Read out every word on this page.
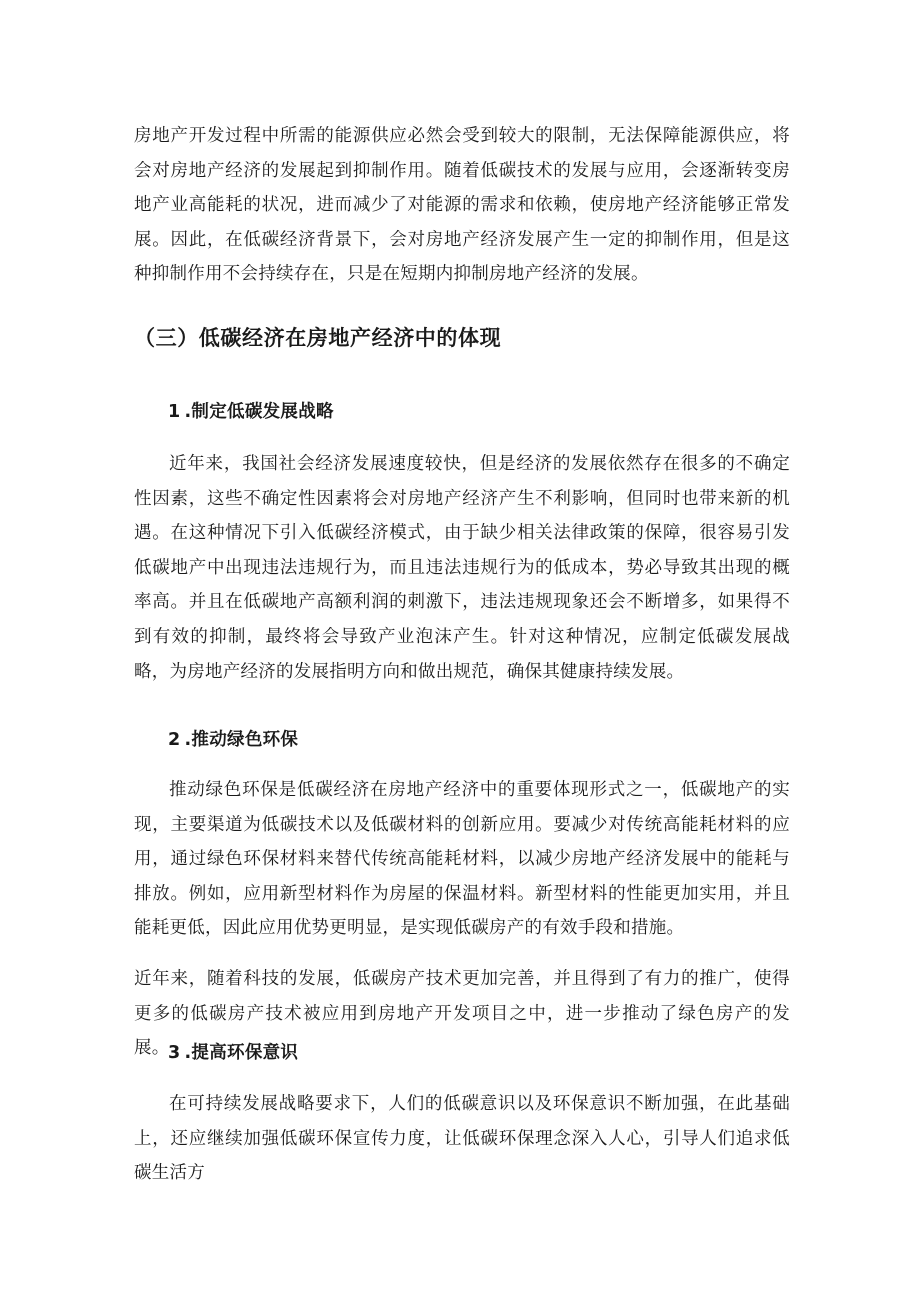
房地产开发过程中所需的能源供应必然会受到较大的限制，无法保障能源供应，将会对房地产经济的发展起到抑制作用。随着低碳技术的发展与应用，会逐渐转变房地产业高能耗的状况，进而减少了对能源的需求和依赖，使房地产经济能够正常发展。因此，在低碳经济背景下，会对房地产经济发展产生一定的抑制作用，但是这种抑制作用不会持续存在，只是在短期内抑制房地产经济的发展。

（三）低碳经济在房地产经济中的体现
1 .制定低碳发展战略

近年来，我国社会经济发展速度较快，但是经济的发展依然存在很多的不确定性因素，这些不确定性因素将会对房地产经济产生不利影响，但同时也带来新的机遇。在这种情况下引入低碳经济模式，由于缺少相关法律政策的保障，很容易引发低碳地产中出现违法违规行为，而且违法违规行为的低成本，势必导致其出现的概率高。并且在低碳地产高额利润的刺激下，违法违规现象还会不断增多，如果得不到有效的抑制，最终将会导致产业泡沫产生。针对这种情况，应制定低碳发展战略，为房地产经济的发展指明方向和做出规范，确保其健康持续发展。

2 .推动绿色环保

推动绿色环保是低碳经济在房地产经济中的重要体现形式之一，低碳地产的实现，主要渠道为低碳技术以及低碳材料的创新应用。要减少对传统高能耗材料的应用，通过绿色环保材料来替代传统高能耗材料，以减少房地产经济发展中的能耗与排放。例如，应用新型材料作为房屋的保温材料。新型材料的性能更加实用，并且能耗更低，因此应用优势更明显，是实现低碳房产的有效手段和措施。

近年来，随着科技的发展，低碳房产技术更加完善，并且得到了有力的推广，使得更多的低碳房产技术被应用到房地产开发项目之中，进一步推动了绿色房产的发展。

3 .提高环保意识

在可持续发展战略要求下，人们的低碳意识以及环保意识不断加强，在此基础上，还应继续加强低碳环保宣传力度，让低碳环保理念深入人心，引导人们追求低碳生活方
